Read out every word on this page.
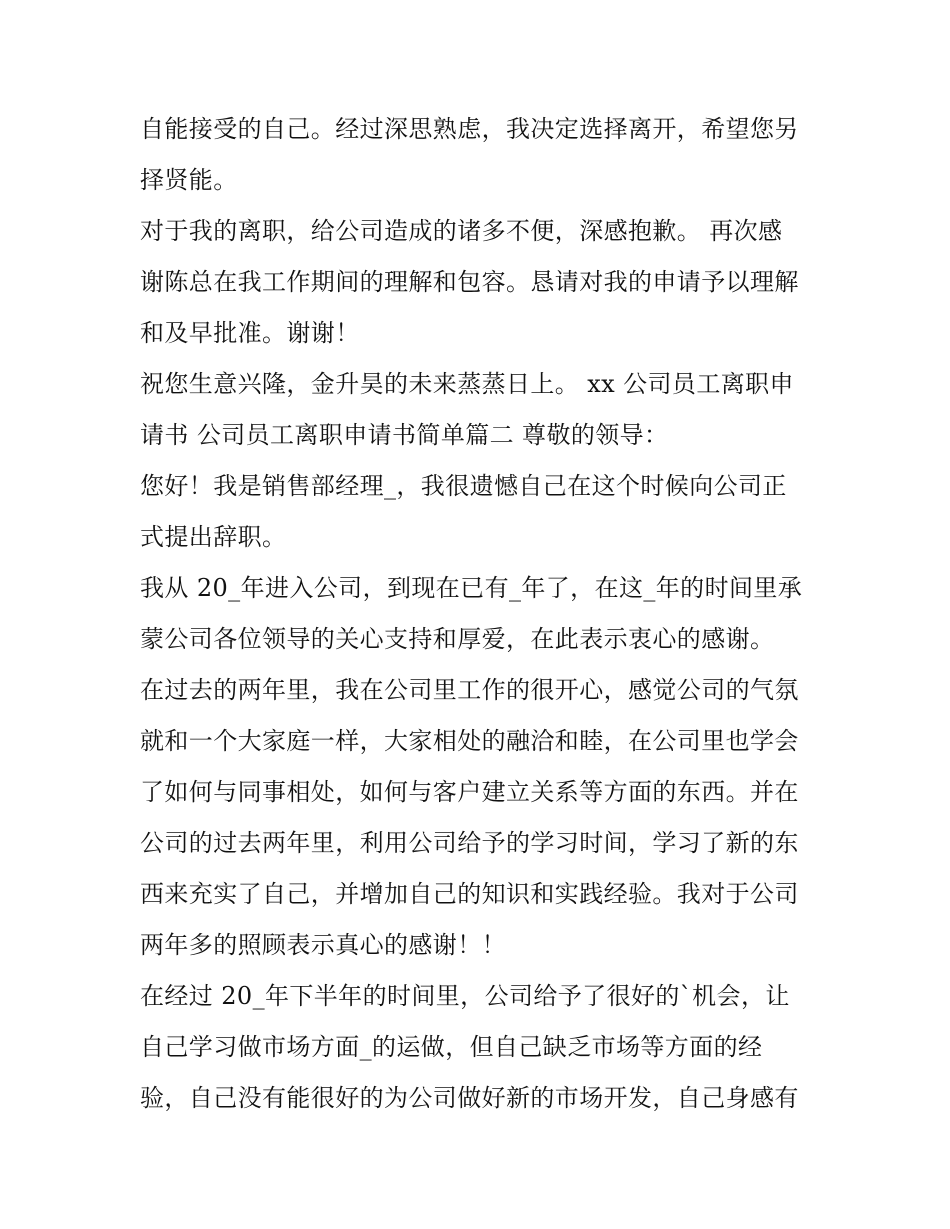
自能接受的自己。经过深思熟虑，我决定选择离开，希望您另
择贤能。
对于我的离职，给公司造成的诸多不便，深感抱歉。 再次感
谢陈总在我工作期间的理解和包容。恳请对我的申请予以理解
和及早批准。谢谢！
祝您生意兴隆，金升昊的未来蒸蒸日上。 xx 公司员工离职申
请书 公司员工离职申请书简单篇二 尊敬的领导：
您好！我是销售部经理_，我很遗憾自己在这个时候向公司正
式提出辞职。
我从 20_年进入公司，到现在已有_年了，在这_年的时间里承
蒙公司各位领导的关心支持和厚爱，在此表示衷心的感谢。
在过去的两年里，我在公司里工作的很开心，感觉公司的气氛
就和一个大家庭一样，大家相处的融洽和睦，在公司里也学会
了如何与同事相处，如何与客户建立关系等方面的东西。并在
公司的过去两年里，利用公司给予的学习时间，学习了新的东
西来充实了自己，并增加自己的知识和实践经验。我对于公司
两年多的照顾表示真心的感谢！！
在经过 20_年下半年的时间里，公司给予了很好的`机会，让
自己学习做市场方面_的运做，但自己缺乏市场等方面的经
验，自己没有能很好的为公司做好新的市场开发，自己身感有
